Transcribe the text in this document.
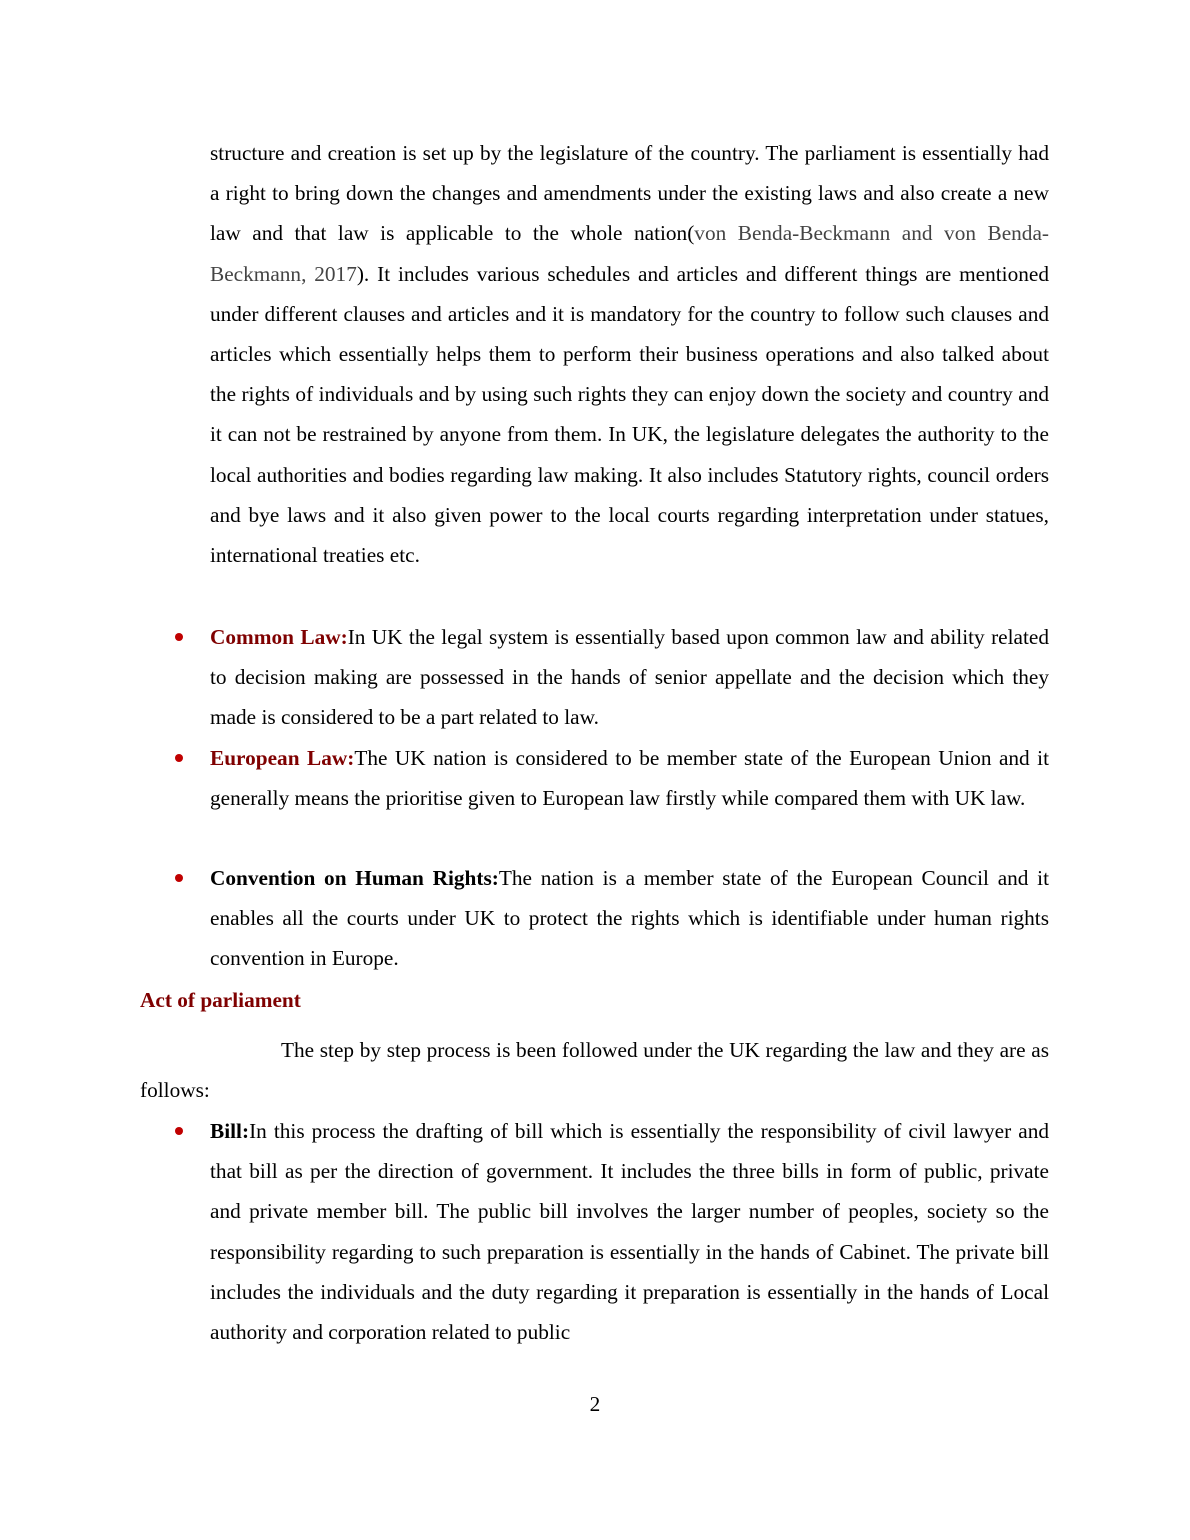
structure and creation is set up by the legislature of the country. The parliament is essentially had a right to bring down the changes and amendments under the existing laws and also create a new law and that law is applicable to the whole nation(von Benda-Beckmann and von Benda-Beckmann, 2017). It includes various schedules and articles and different things are mentioned under different clauses and articles and it is mandatory for the country to follow such clauses and articles which essentially helps them to perform their business operations and also talked about the rights of individuals and by using such rights they can enjoy down the society and country and it can not be restrained by anyone from them. In UK, the legislature delegates the authority to the local authorities and bodies regarding law making. It also includes Statutory rights, council orders and bye laws and it also given power to the local courts regarding interpretation under statues, international treaties etc.

Common Law:In UK the legal system is essentially based upon common law and ability related to decision making are possessed in the hands of senior appellate and the decision which they made is considered to be a part related to law.

European Law:The UK nation is considered to be member state of the European Union and it generally means the prioritise given to European law firstly while compared them with UK law.

Convention on Human Rights:The nation is a member state of the European Council and it enables all the courts under UK to protect the rights which is identifiable under human rights convention in Europe.

Act of parliament

The step by step process is been followed under the UK regarding the law and they are as follows:

Bill:In this process the drafting of bill which is essentially the responsibility of civil lawyer and that bill as per the direction of government. It includes the three bills in form of public, private and private member bill. The public bill involves the larger number of peoples, society so the responsibility regarding to such preparation is essentially in the hands of Cabinet. The private bill includes the individuals and the duty regarding it preparation is essentially in the hands of Local authority and corporation related to public

2
